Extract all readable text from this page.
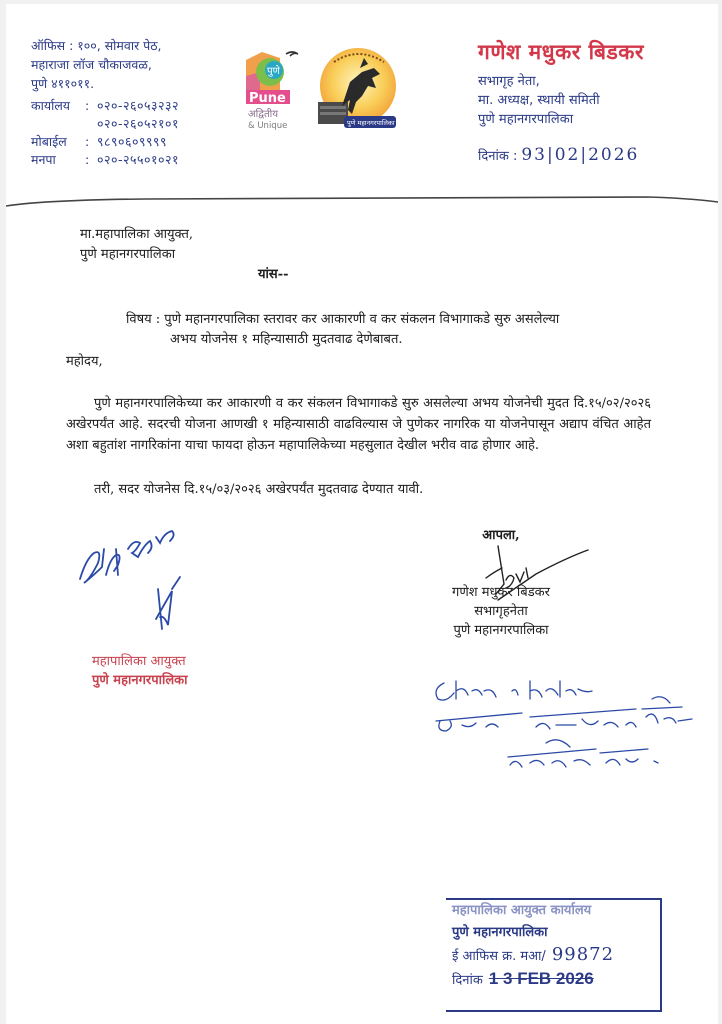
ऑफिस : १००, सोमवार पेठ,
महाराजा लॉज चौकाजवळ,
पुणे ४११०११.
कार्यालय	: ०२०-२६०५३२३२
०२०-२६०५२१०१
मोबाईल	: ९८९०६०९९९९
मनपा	: ०२०-२५५०१०२१
पुणे
Pune
अद्वितीय
& Unique	पुणे महानगरपालिका
गणेश मधुकर बिडकर
सभागृह नेता,
मा. अध्यक्ष, स्थायी समिती
पुणे महानगरपालिका
दिनांक : 93|02|2026
मा.महापालिका आयुक्त,
पुणे महानगरपालिका
यांस--
विषय : पुणे महानगरपालिका स्तरावर कर आकारणी व कर संकलन विभागाकडे सुरु असलेल्या
अभय योजनेस १ महिन्यासाठी मुदतवाढ देणेबाबत.
महोदय,
पुणे महानगरपालिकेच्या कर आकारणी व कर संकलन विभागाकडे सुरु असलेल्या अभय योजनेची मुदत दि.१५/०२/२०२६ अखेरपर्यंत आहे. सदरची योजना आणखी १ महिन्यासाठी वाढविल्यास जे पुणेकर नागरिक या योजनेपासून अद्याप वंचित आहेत अशा बहुतांश नागरिकांना याचा फायदा होऊन महापालिकेच्या महसुलात देखील भरीव वाढ होणार आहे.
तरी, सदर योजनेस दि.१५/०३/२०२६ अखेरपर्यंत मुदतवाढ देण्यात यावी.
महापालिका आयुक्त
पुणे महानगरपालिका
आपला,
गणेश मधुकर बिडकर
सभागृहनेता
पुणे महानगरपालिका
महापालिका आयुक्त कार्यालय
पुणे महानगरपालिका
ई आफिस क्र. मआ/ 99872
दिनांक 1 3 FEB 2026
